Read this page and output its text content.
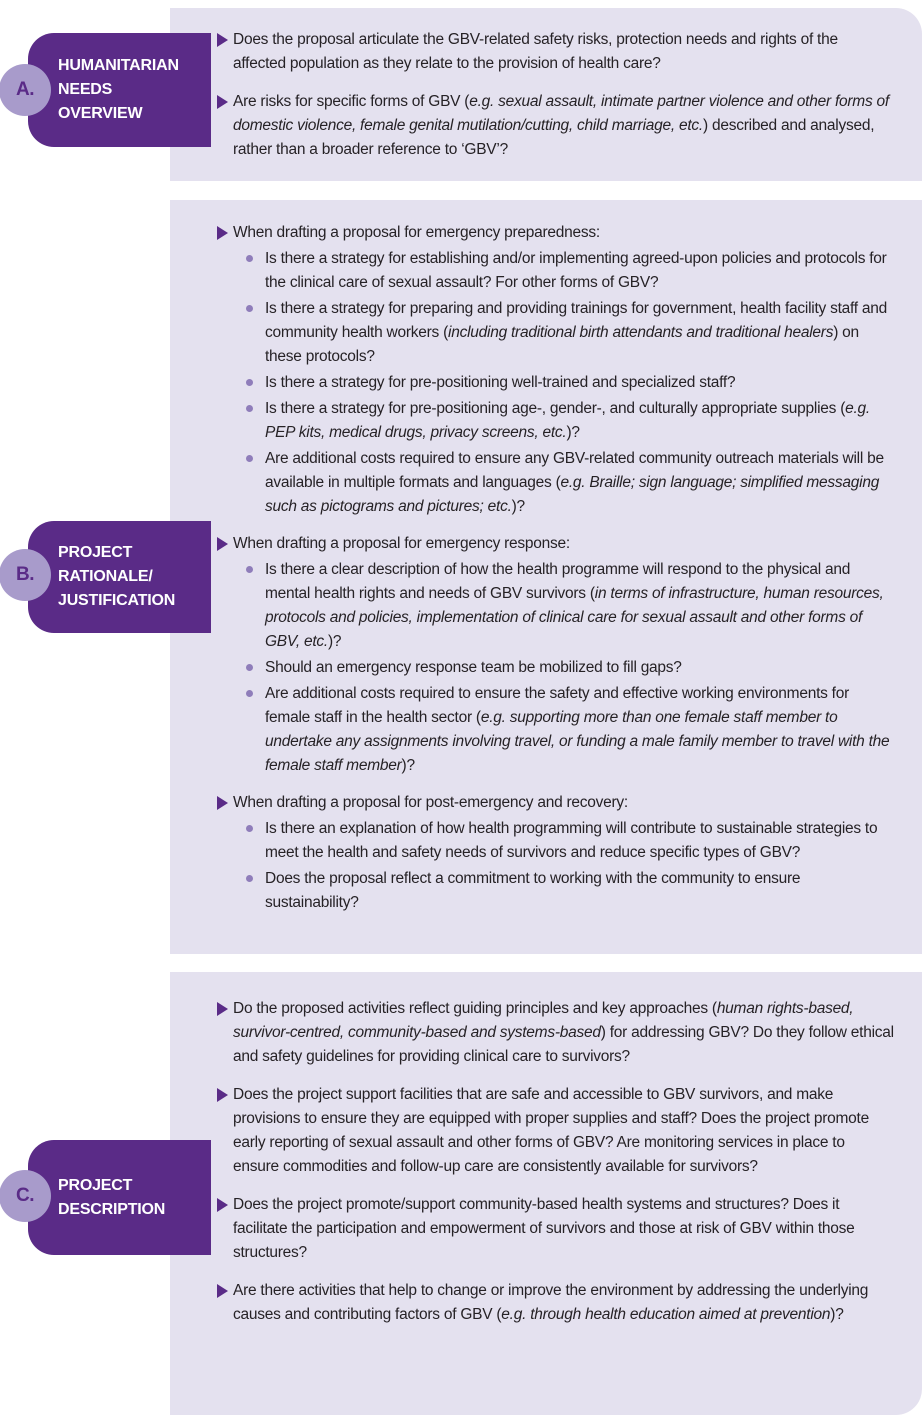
Does the proposal articulate the GBV-related safety risks, protection needs and rights of the affected population as they relate to the provision of health care?
Are risks for specific forms of GBV (e.g. sexual assault, intimate partner violence and other forms of domestic violence, female genital mutilation/cutting, child marriage, etc.) described and analysed, rather than a broader reference to ‘GBV’?
HUMANITARIAN
NEEDS
OVERVIEW
A.
When drafting a proposal for emergency preparedness:
Is there a strategy for establishing and/or implementing agreed-upon policies and protocols for the clinical care of sexual assault? For other forms of GBV?
Is there a strategy for preparing and providing trainings for government, health facility staff and community health workers (including traditional birth attendants and traditional healers) on these protocols?
Is there a strategy for pre-positioning well-trained and specialized staff?
Is there a strategy for pre-positioning age-, gender-, and culturally appropriate supplies (e.g. PEP kits, medical drugs, privacy screens, etc.)?
Are additional costs required to ensure any GBV-related community outreach materials will be available in multiple formats and languages (e.g. Braille; sign language; simplified messaging such as pictograms and pictures; etc.)?
When drafting a proposal for emergency response:
Is there a clear description of how the health programme will respond to the physical and mental health rights and needs of GBV survivors (in terms of infrastructure, human resources, protocols and policies, implementation of clinical care for sexual assault and other forms of GBV, etc.)?
Should an emergency response team be mobilized to fill gaps?
Are additional costs required to ensure the safety and effective working environments for female staff in the health sector (e.g. supporting more than one female staff member to undertake any assignments involving travel, or funding a male family member to travel with the female staff member)?
When drafting a proposal for post-emergency and recovery:
Is there an explanation of how health programming will contribute to sustainable strategies to meet the health and safety needs of survivors and reduce specific types of GBV?
Does the proposal reflect a commitment to working with the community to ensure sustainability?
PROJECT
RATIONALE/
JUSTIFICATION
B.
Do the proposed activities reflect guiding principles and key approaches (human rights-based, survivor-centred, community-based and systems-based) for addressing GBV? Do they follow ethical and safety guidelines for providing clinical care to survivors?
Does the project support facilities that are safe and accessible to GBV survivors, and make provisions to ensure they are equipped with proper supplies and staff? Does the project promote early reporting of sexual assault and other forms of GBV? Are monitoring services in place to ensure commodities and follow-up care are consistently available for survivors?
Does the project promote/support community-based health systems and structures? Does it facilitate the participation and empowerment of survivors and those at risk of GBV within those structures?
Are there activities that help to change or improve the environment by addressing the underlying causes and contributing factors of GBV (e.g. through health education aimed at prevention)?
PROJECT
DESCRIPTION
C.
